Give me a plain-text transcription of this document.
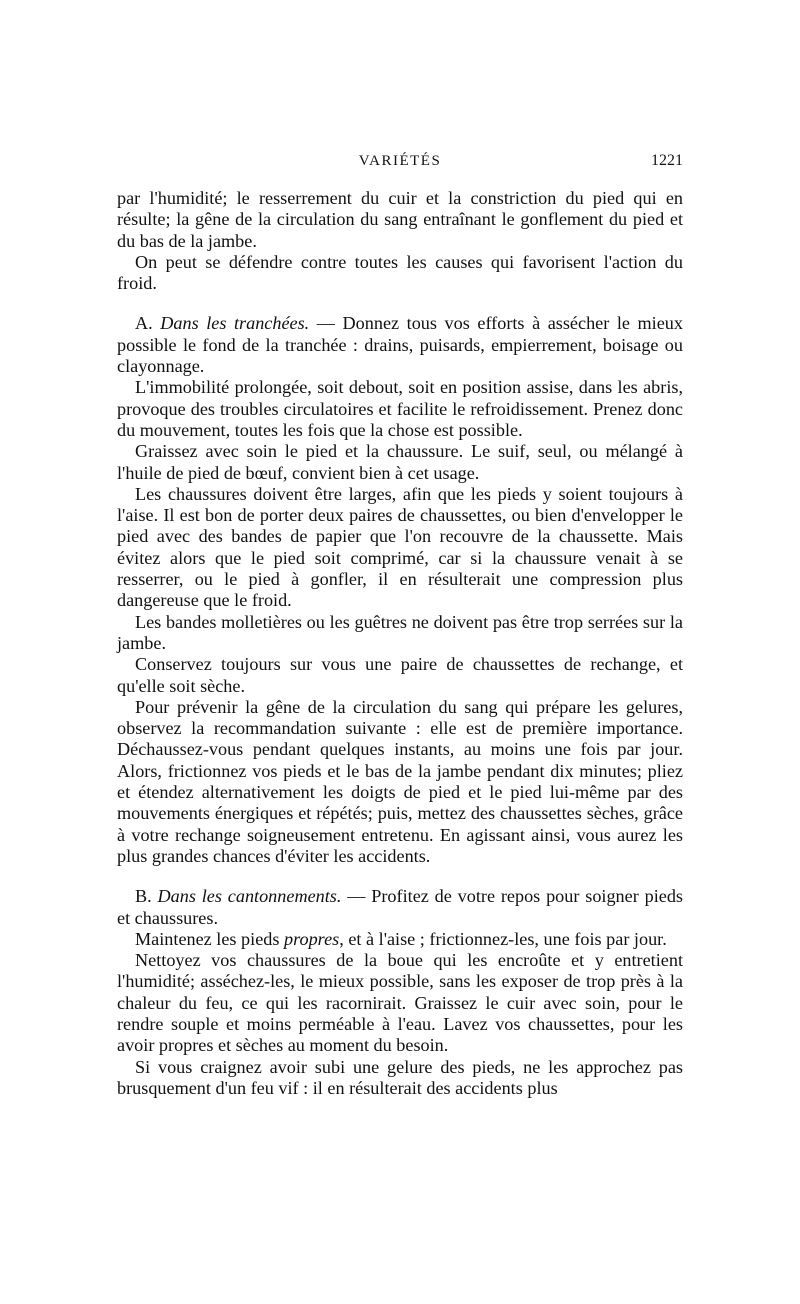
VARIÉTÉS	1221

par l'humidité; le resserrement du cuir et la constriction du pied qui en résulte; la gêne de la circulation du sang entraînant le gonflement du pied et du bas de la jambe.

On peut se défendre contre toutes les causes qui favorisent l'action du froid.

A. Dans les tranchées. — Donnez tous vos efforts à assécher le mieux possible le fond de la tranchée : drains, puisards, empierrement, boisage ou clayonnage.

L'immobilité prolongée, soit debout, soit en position assise, dans les abris, provoque des troubles circulatoires et facilite le refroidissement. Prenez donc du mouvement, toutes les fois que la chose est possible.

Graissez avec soin le pied et la chaussure. Le suif, seul, ou mélangé à l'huile de pied de bœuf, convient bien à cet usage.

Les chaussures doivent être larges, afin que les pieds y soient toujours à l'aise. Il est bon de porter deux paires de chaussettes, ou bien d'envelopper le pied avec des bandes de papier que l'on recouvre de la chaussette. Mais évitez alors que le pied soit comprimé, car si la chaussure venait à se resserrer, ou le pied à gonfler, il en résulterait une compression plus dangereuse que le froid.

Les bandes molletières ou les guêtres ne doivent pas être trop serrées sur la jambe.

Conservez toujours sur vous une paire de chaussettes de rechange, et qu'elle soit sèche.

Pour prévenir la gêne de la circulation du sang qui prépare les gelures, observez la recommandation suivante : elle est de première importance. Déchaussez-vous pendant quelques instants, au moins une fois par jour. Alors, frictionnez vos pieds et le bas de la jambe pendant dix minutes; pliez et étendez alternativement les doigts de pied et le pied lui-même par des mouvements énergiques et répétés; puis, mettez des chaussettes sèches, grâce à votre rechange soigneusement entretenu. En agissant ainsi, vous aurez les plus grandes chances d'éviter les accidents.

B. Dans les cantonnements. — Profitez de votre repos pour soigner pieds et chaussures.

Maintenez les pieds propres, et à l'aise ; frictionnez-les, une fois par jour.

Nettoyez vos chaussures de la boue qui les encroûte et y entretient l'humidité; asséchez-les, le mieux possible, sans les exposer de trop près à la chaleur du feu, ce qui les racornirait. Graissez le cuir avec soin, pour le rendre souple et moins perméable à l'eau. Lavez vos chaussettes, pour les avoir propres et sèches au moment du besoin.

Si vous craignez avoir subi une gelure des pieds, ne les approchez pas brusquement d'un feu vif : il en résulterait des accidents plus
